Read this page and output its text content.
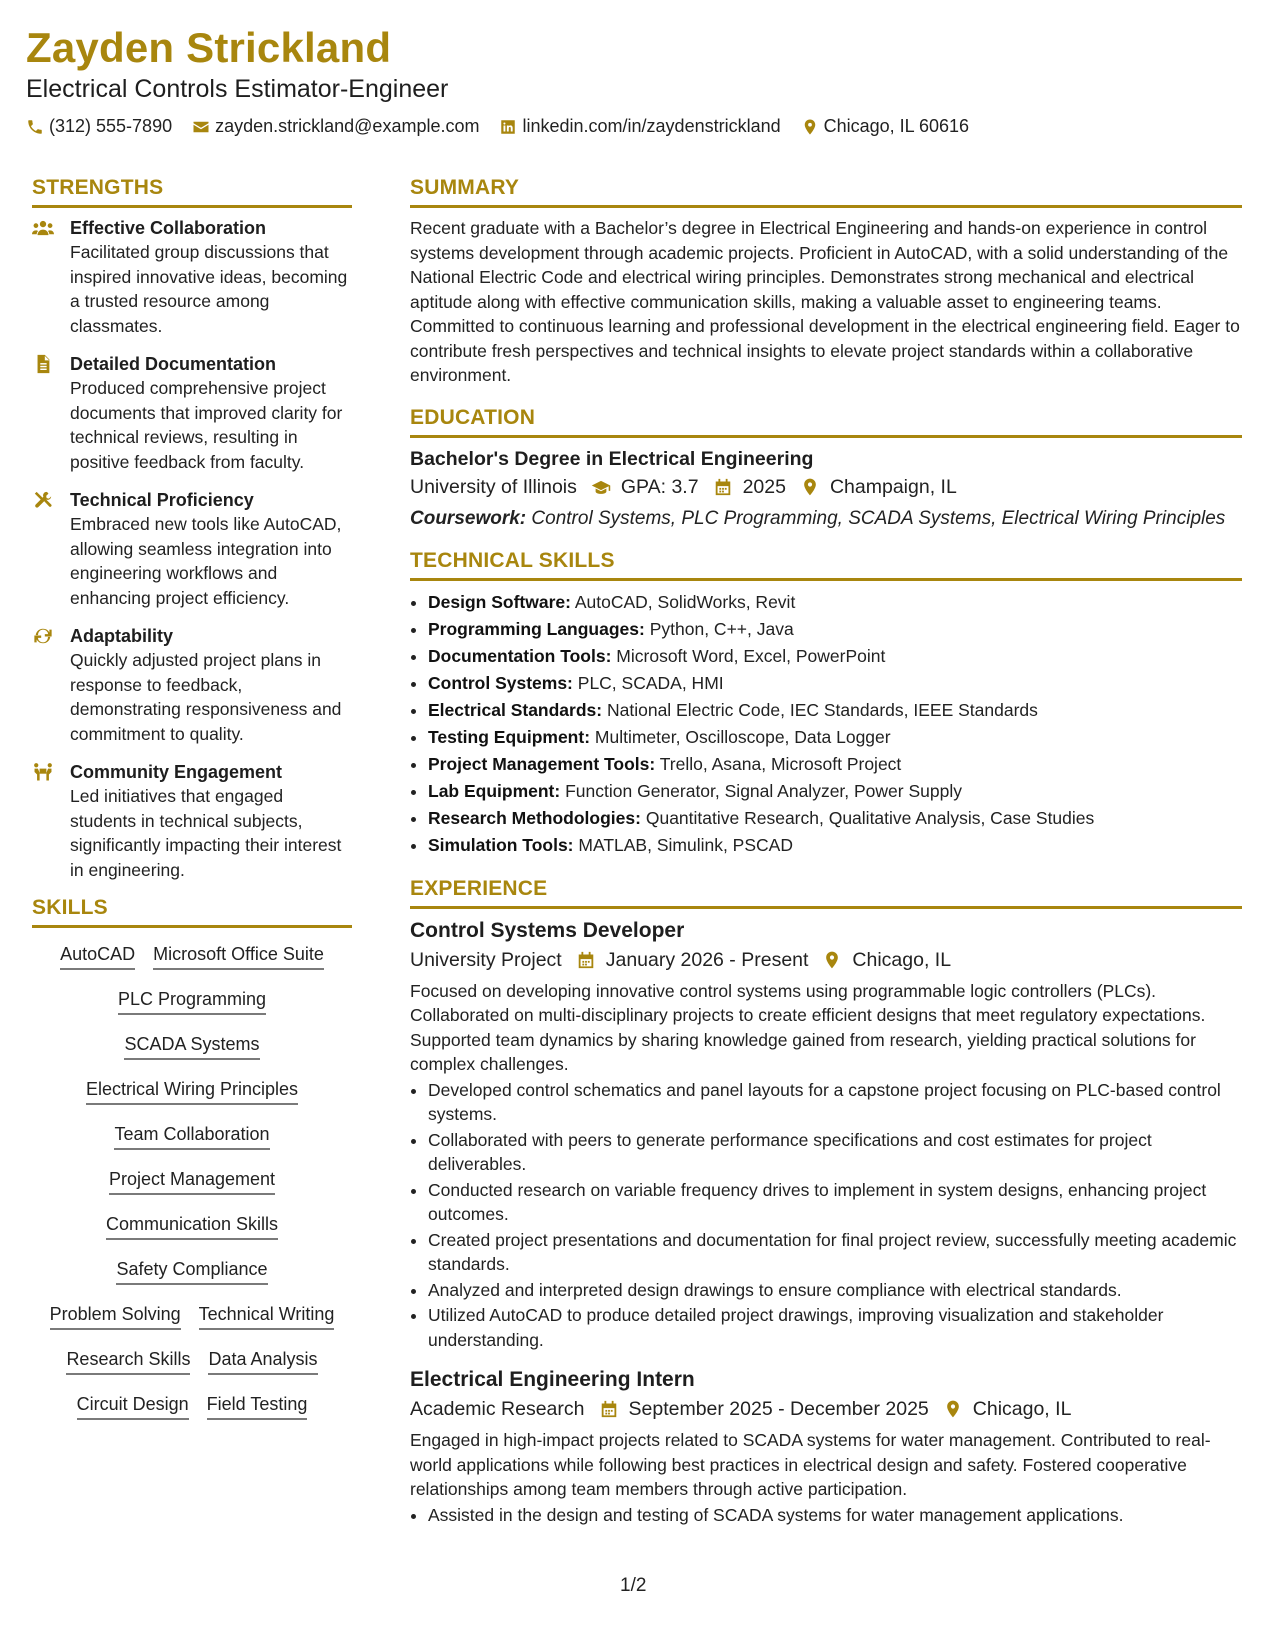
Zayden Strickland
Electrical Controls Estimator-Engineer
(312) 555-7890 zayden.strickland@example.com linkedin.com/in/zaydenstrickland Chicago, IL 60616
STRENGTHS
Effective Collaboration
Facilitated group discussions that inspired innovative ideas, becoming a trusted resource among classmates.
Detailed Documentation
Produced comprehensive project documents that improved clarity for technical reviews, resulting in positive feedback from faculty.
Technical Proficiency
Embraced new tools like AutoCAD, allowing seamless integration into engineering workflows and enhancing project efficiency.
Adaptability
Quickly adjusted project plans in response to feedback, demonstrating responsiveness and commitment to quality.
Community Engagement
Led initiatives that engaged students in technical subjects, significantly impacting their interest in engineering.
SKILLS
AutoCAD Microsoft Office Suite
PLC Programming
SCADA Systems
Electrical Wiring Principles
Team Collaboration
Project Management
Communication Skills
Safety Compliance
Problem Solving Technical Writing
Research Skills Data Analysis
Circuit Design Field Testing
SUMMARY
Recent graduate with a Bachelor’s degree in Electrical Engineering and hands-on experience in control systems development through academic projects. Proficient in AutoCAD, with a solid understanding of the National Electric Code and electrical wiring principles. Demonstrates strong mechanical and electrical aptitude along with effective communication skills, making a valuable asset to engineering teams. Committed to continuous learning and professional development in the electrical engineering field. Eager to contribute fresh perspectives and technical insights to elevate project standards within a collaborative environment.
EDUCATION
Bachelor's Degree in Electrical Engineering
University of Illinois GPA: 3.7 2025 Champaign, IL
Coursework: Control Systems, PLC Programming, SCADA Systems, Electrical Wiring Principles
TECHNICAL SKILLS
• Design Software: AutoCAD, SolidWorks, Revit
• Programming Languages: Python, C++, Java
• Documentation Tools: Microsoft Word, Excel, PowerPoint
• Control Systems: PLC, SCADA, HMI
• Electrical Standards: National Electric Code, IEC Standards, IEEE Standards
• Testing Equipment: Multimeter, Oscilloscope, Data Logger
• Project Management Tools: Trello, Asana, Microsoft Project
• Lab Equipment: Function Generator, Signal Analyzer, Power Supply
• Research Methodologies: Quantitative Research, Qualitative Analysis, Case Studies
• Simulation Tools: MATLAB, Simulink, PSCAD
EXPERIENCE
Control Systems Developer
University Project January 2026 - Present Chicago, IL
Focused on developing innovative control systems using programmable logic controllers (PLCs). Collaborated on multi-disciplinary projects to create efficient designs that meet regulatory expectations. Supported team dynamics by sharing knowledge gained from research, yielding practical solutions for complex challenges.
• Developed control schematics and panel layouts for a capstone project focusing on PLC-based control systems.
• Collaborated with peers to generate performance specifications and cost estimates for project deliverables.
• Conducted research on variable frequency drives to implement in system designs, enhancing project outcomes.
• Created project presentations and documentation for final project review, successfully meeting academic standards.
• Analyzed and interpreted design drawings to ensure compliance with electrical standards.
• Utilized AutoCAD to produce detailed project drawings, improving visualization and stakeholder understanding.
Electrical Engineering Intern
Academic Research September 2025 - December 2025 Chicago, IL
Engaged in high-impact projects related to SCADA systems for water management. Contributed to real-world applications while following best practices in electrical design and safety. Fostered cooperative relationships among team members through active participation.
• Assisted in the design and testing of SCADA systems for water management applications.
1/2
